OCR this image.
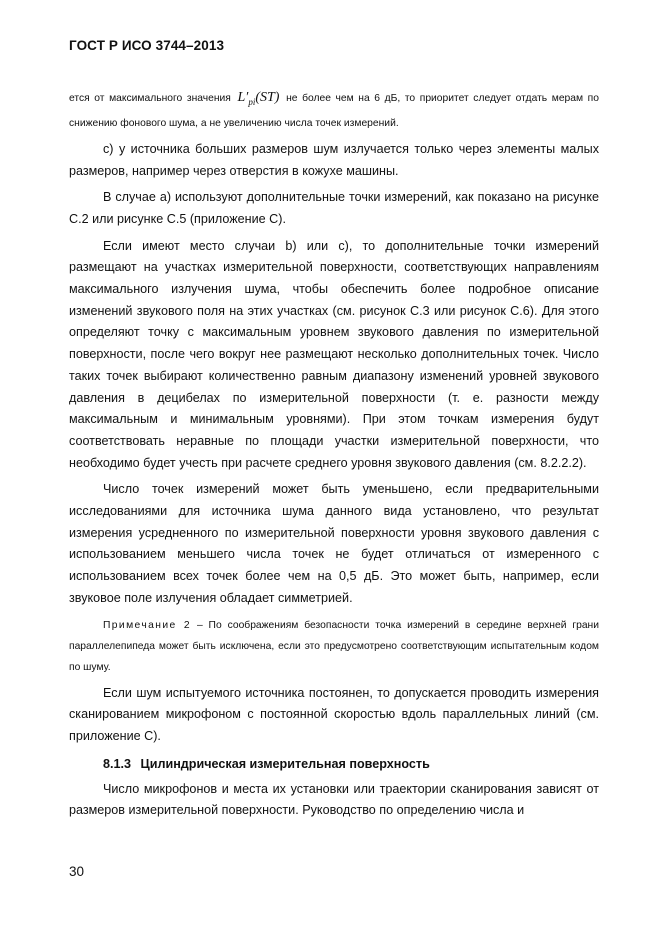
ГОСТ Р ИСО 3744–2013

ется от максимального значения $L'_{pi}(ST)$ не более чем на 6 дБ, то приоритет следует отдать мерам по снижению фонового шума, а не увеличению числа точек измерений.

с) у источника больших размеров шум излучается только через элементы малых размеров, например через отверстия в кожухе машины.

В случае а) используют дополнительные точки измерений, как показано на рисунке С.2 или рисунке С.5 (приложение С).

Если имеют место случаи b) или с), то дополнительные точки измерений размещают на участках измерительной поверхности, соответствующих направлениям максимального излучения шума, чтобы обеспечить более подробное описание изменений звукового поля на этих участках (см. рисунок С.3 или рисунок С.6). Для этого определяют точку с максимальным уровнем звукового давления по измерительной поверхности, после чего вокруг нее размещают несколько дополнительных точек. Число таких точек выбирают количественно равным диапазону изменений уровней звукового давления в децибелах по измерительной поверхности (т. е. разности между максимальным и минимальным уровнями). При этом точкам измерения будут соответствовать неравные по площади участки измерительной поверхности, что необходимо будет учесть при расчете среднего уровня звукового давления (см. 8.2.2.2).

Число точек измерений может быть уменьшено, если предварительными исследованиями для источника шума данного вида установлено, что результат измерения усредненного по измерительной поверхности уровня звукового давления с использованием меньшего числа точек не будет отличаться от измеренного с использованием всех точек более чем на 0,5 дБ. Это может быть, например, если звуковое поле излучения обладает симметрией.

Примечание 2 – По соображениям безопасности точка измерений в середине верхней грани параллелепипеда может быть исключена, если это предусмотрено соответствующим испытательным кодом по шуму.

Если шум испытуемого источника постоянен, то допускается проводить измерения сканированием микрофоном с постоянной скоростью вдоль параллельных линий (см. приложение С).

8.1.3 Цилиндрическая измерительная поверхность

Число микрофонов и места их установки или траектории сканирования зависят от размеров измерительной поверхности. Руководство по определению числа и

30
